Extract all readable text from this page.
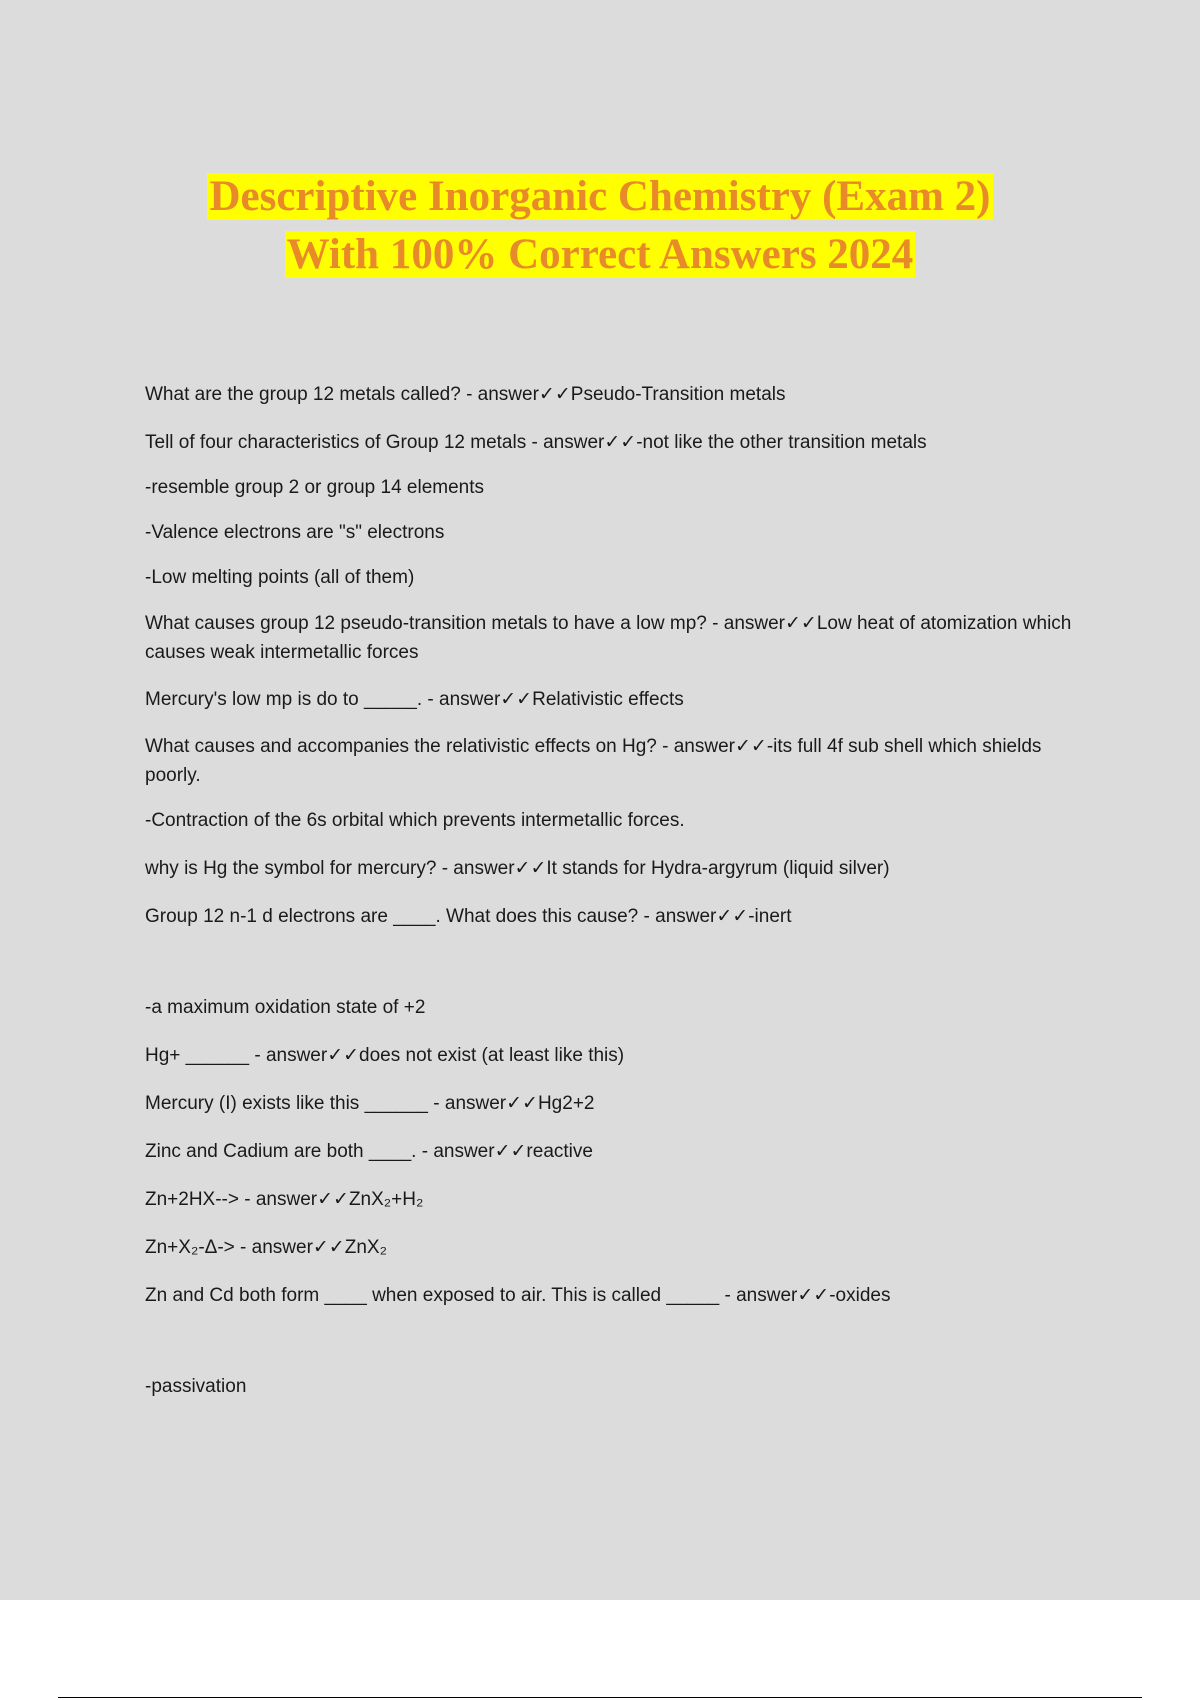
Descriptive Inorganic Chemistry (Exam 2)
With 100% Correct Answers 2024

What are the group 12 metals called? - answer✓✓Pseudo-Transition metals

Tell of four characteristics of Group 12 metals - answer✓✓-not like the other transition metals

-resemble group 2 or group 14 elements

-Valence electrons are "s" electrons

-Low melting points (all of them)

What causes group 12 pseudo-transition metals to have a low mp? - answer✓✓Low heat of atomization which causes weak intermetallic forces

Mercury's low mp is do to _____. - answer✓✓Relativistic effects

What causes and accompanies the relativistic effects on Hg? - answer✓✓-its full 4f sub shell which shields poorly.

-Contraction of the 6s orbital which prevents intermetallic forces.

why is Hg the symbol for mercury? - answer✓✓It stands for Hydra-argyrum (liquid silver)

Group 12 n-1 d electrons are ____. What does this cause? - answer✓✓-inert

-a maximum oxidation state of +2

Hg+ ______ - answer✓✓does not exist (at least like this)

Mercury (I) exists like this ______ - answer✓✓Hg2+2

Zinc and Cadium are both ____. - answer✓✓reactive

Zn+2HX--> - answer✓✓ZnX₂+H₂

Zn+X₂-Δ-> - answer✓✓ZnX₂

Zn and Cd both form ____ when exposed to air. This is called _____ - answer✓✓-oxides

-passivation
